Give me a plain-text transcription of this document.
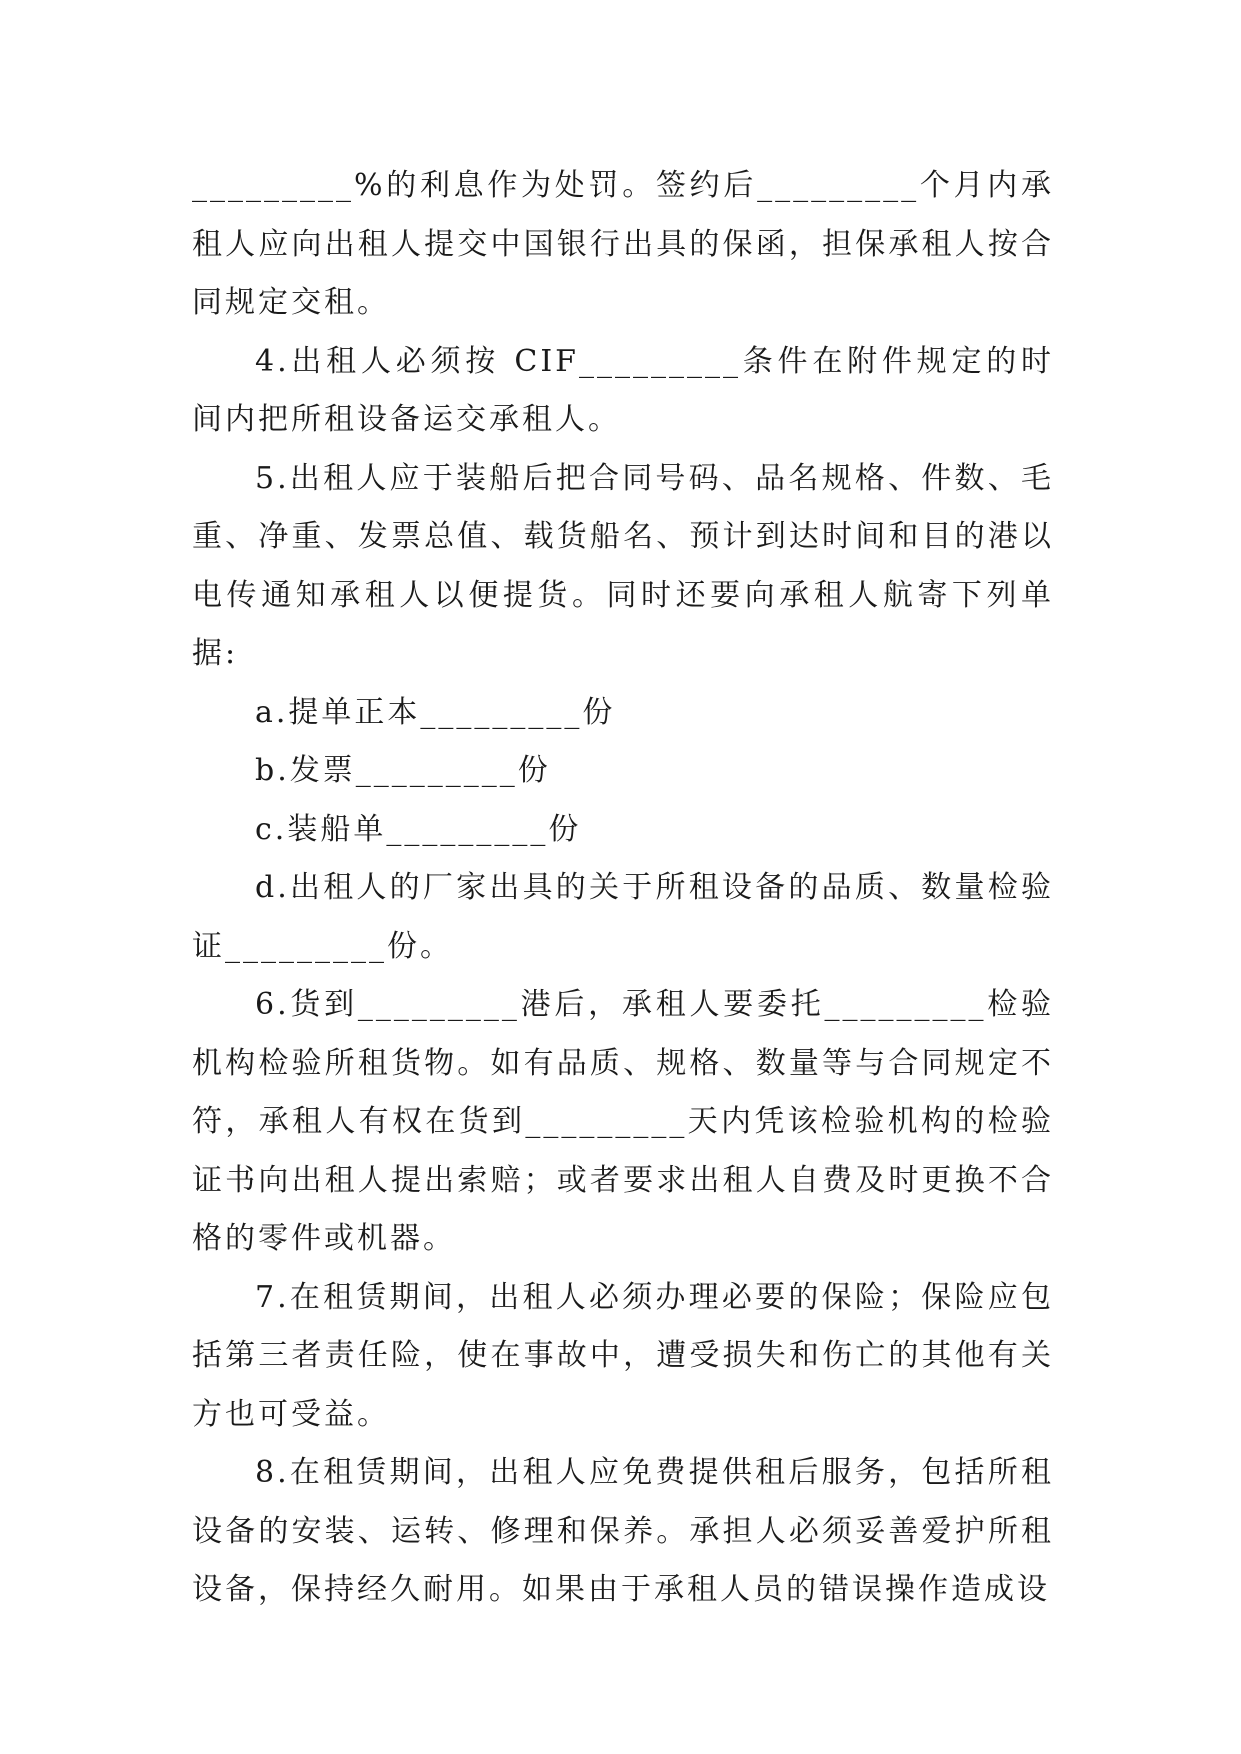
_________%的利息作为处罚。签约后_________个月内承租人应向出租人提交中国银行出具的保函，担保承租人按合同规定交租。

4.出租人必须按 CIF_________条件在附件规定的时间内把所租设备运交承租人。

5.出租人应于装船后把合同号码、品名规格、件数、毛重、净重、发票总值、载货船名、预计到达时间和目的港以电传通知承租人以便提货。同时还要向承租人航寄下列单据:

a.提单正本_________份

b.发票_________份

c.装船单_________份

d.出租人的厂家出具的关于所租设备的品质、数量检验证_________份。

6.货到_________港后，承租人要委托_________检验机构检验所租货物。如有品质、规格、数量等与合同规定不符，承租人有权在货到_________天内凭该检验机构的检验证书向出租人提出索赔；或者要求出租人自费及时更换不合格的零件或机器。

7.在租赁期间，出租人必须办理必要的保险；保险应包括第三者责任险，使在事故中，遭受损失和伤亡的其他有关方也可受益。

8.在租赁期间，出租人应免费提供租后服务，包括所租设备的安装、运转、修理和保养。承担人必须妥善爱护所租设备，保持经久耐用。如果由于承租人员的错误操作造成设
